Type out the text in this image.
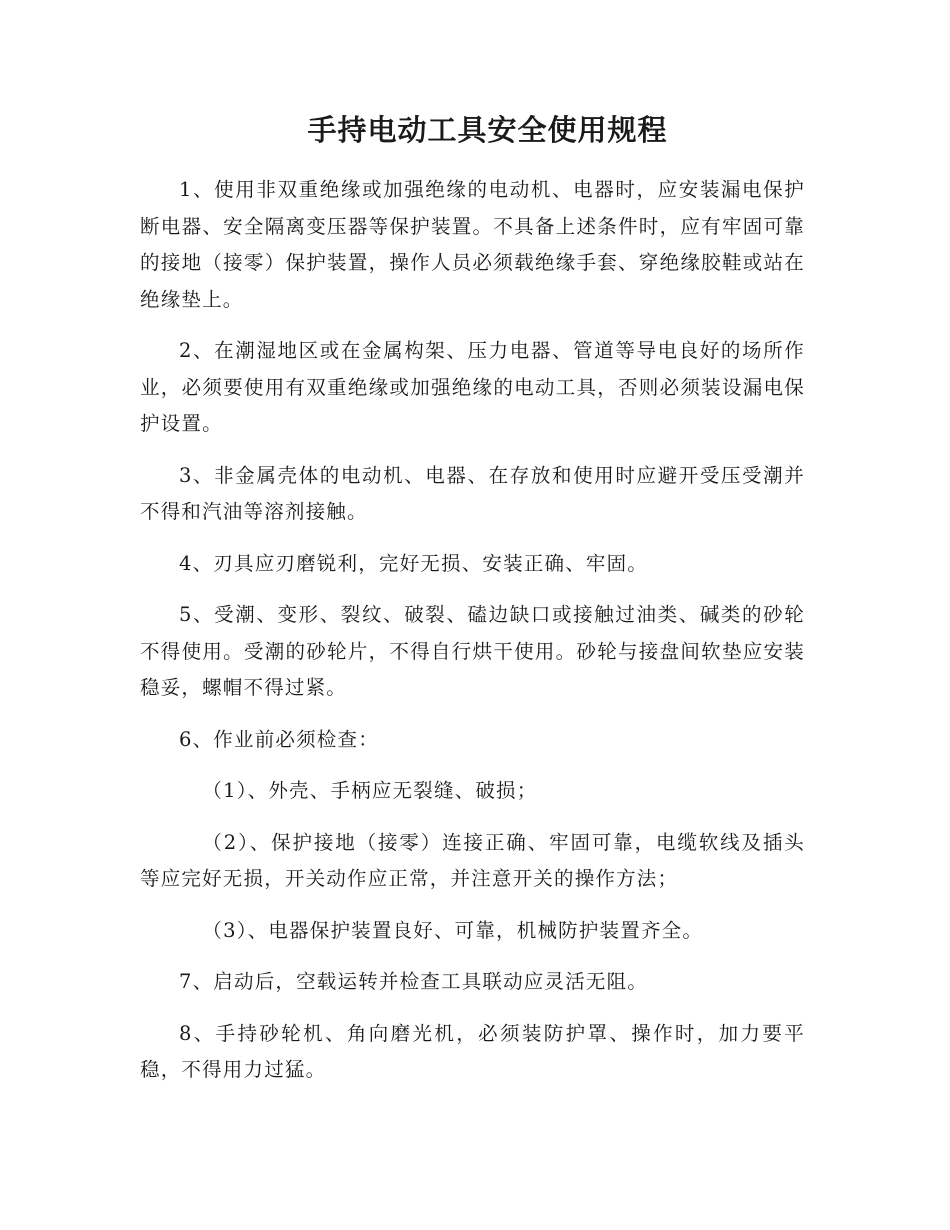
手持电动工具安全使用规程

1、使用非双重绝缘或加强绝缘的电动机、电器时，应安装漏电保护断电器、安全隔离变压器等保护装置。不具备上述条件时，应有牢固可靠的接地（接零）保护装置，操作人员必须载绝缘手套、穿绝缘胶鞋或站在绝缘垫上。

2、在潮湿地区或在金属构架、压力电器、管道等导电良好的场所作业，必须要使用有双重绝缘或加强绝缘的电动工具，否则必须装设漏电保护设置。

3、非金属壳体的电动机、电器、在存放和使用时应避开受压受潮并不得和汽油等溶剂接触。

4、刃具应刃磨锐利，完好无损、安装正确、牢固。

5、受潮、变形、裂纹、破裂、磕边缺口或接触过油类、碱类的砂轮不得使用。受潮的砂轮片，不得自行烘干使用。砂轮与接盘间软垫应安装稳妥，螺帽不得过紧。

6、作业前必须检查：

（1）、外壳、手柄应无裂缝、破损；

（2）、保护接地（接零）连接正确、牢固可靠，电缆软线及插头等应完好无损，开关动作应正常，并注意开关的操作方法；

（3）、电器保护装置良好、可靠，机械防护装置齐全。

7、启动后，空载运转并检查工具联动应灵活无阻。

8、手持砂轮机、角向磨光机，必须装防护罩、操作时，加力要平稳，不得用力过猛。
